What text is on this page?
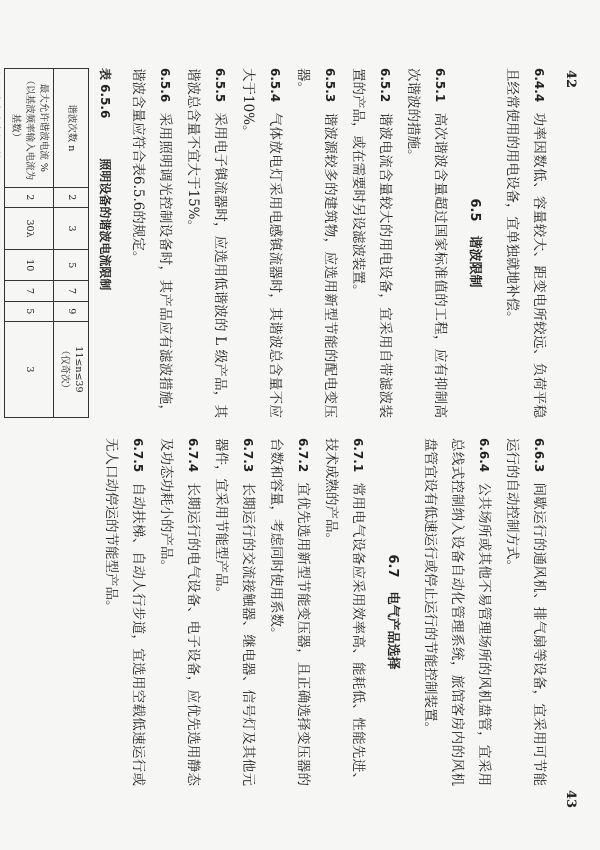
42
43
6.4.4功率因数低、容量较大、距变电所较远、负荷平稳且经常使用的用电设备，宜单独就地补偿。
6.5谐波限制
6.5.1高次谐波含量超过国家标准值的工程，应有抑制高次谐波的措施。
6.5.2谐波电流含量较大的用电设备，宜采用自带滤波装置的产品，或在需要时另设滤波装置。
6.5.3谐波源较多的建筑物，应选用新型节能的配电变压器。
6.5.4气体放电灯采用电感镇流器时，其谐波总含量不应大于10%。
6.5.5采用电子镇流器时，应选用低谐波的 L 级产品，其谐波总含量不宜大于15%。
6.5.6采用照明调光控制设备时，其产品应有滤波措施，谐波含量应符合表6.5.6的规定。
表 6.5.6
照明设备的谐波电流限制
谐波次数 n	2	3	5	7	9	11≤n≤39
（仅奇次）
最大允许谐波电流 %
（以基波频率输入电流为基数）	2	30λ	10	7	5	3
6.6.3间歇运行的通风机、排气扇等设备，宜采用可节能运行的自动控制方式。
6.6.4公共场所或其他不易管理场所的风机盘管，宜采用总线式控制纳入设备自动化管理系统，旅馆客房内的风机盘管宜设有低速运行或停止运行的节能控制装置。
6.7电气产品选择
6.7.1常用电气设备应采用效率高、能耗低、性能先进、技术成熟的产品。
6.7.2宜优先选用新型节能变压器，且正确选择变压器的台数和容量，考虑同时使用系数。
6.7.3长期运行的交流接触器、继电器、信号灯及其他元器件，宜采用节能型产品。
6.7.4长期运行的电气设备、电子设备，应优先选用静态及功态功耗小的产品。
6.7.5自动扶梯、自动人行步道，宜选用空载低速运行或无人口动停运的节能型产品。
